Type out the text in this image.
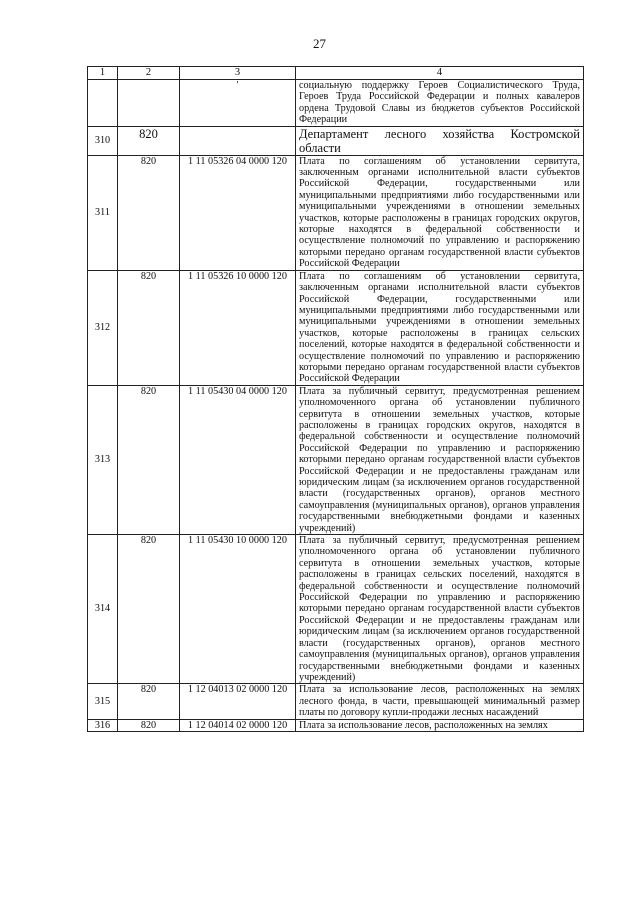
27
1	2	3	4
		'	социальную поддержку Героев Социалистического Труда, Героев Труда Российской Федерации и полных кавалеров ордена Трудовой Славы из бюджетов субъектов Российской Федерации
310	820		Департамент лесного хозяйства Костромской области
311	820	1 11 05326 04 0000 120	Плата по соглашениям об установлении сервитута, заключенным органами исполнительной власти субъектов Российской Федерации, государственными или муниципальными предприятиями либо государственными или муниципальными учреждениями в отношении земельных участков, которые расположены в границах городских округов, которые находятся в федеральной собственности и осуществление полномочий по управлению и распоряжению которыми передано органам государственной власти субъектов Российской Федерации
312	820	1 11 05326 10 0000 120	Плата по соглашениям об установлении сервитута, заключенным органами исполнительной власти субъектов Российской Федерации, государственными или муниципальными предприятиями либо государственными или муниципальными учреждениями в отношении земельных участков, которые расположены в границах сельских поселений, которые находятся в федеральной собственности и осуществление полномочий по управлению и распоряжению которыми передано органам государственной власти субъектов Российской Федерации
313	820	1 11 05430 04 0000 120	Плата за публичный сервитут, предусмотренная решением уполномоченного органа об установлении публичного сервитута в отношении земельных участков, которые расположены в границах городских округов, находятся в федеральной собственности и осуществление полномочий Российской Федерации по управлению и распоряжению которыми передано органам государственной власти субъектов Российской Федерации и не предоставлены гражданам или юридическим лицам (за исключением органов государственной власти (государственных органов), органов местного самоуправления (муниципальных органов), органов управления государственными внебюджетными фондами и казенных учреждений)
314	820	1 11 05430 10 0000 120	Плата за публичный сервитут, предусмотренная решением уполномоченного органа об установлении публичного сервитута в отношении земельных участков, которые расположены в границах сельских поселений, находятся в федеральной собственности и осуществление полномочий Российской Федерации по управлению и распоряжению которыми передано органам государственной власти субъектов Российской Федерации и не предоставлены гражданам или юридическим лицам (за исключением органов государственной власти (государственных органов), органов местного самоуправления (муниципальных органов), органов управления государственными внебюджетными фондами и казенных учреждений)
315	820	1 12 04013 02 0000 120	Плата за использование лесов, расположенных на землях лесного фонда, в части, превышающей минимальный размер платы по договору купли-продажи лесных насаждений
316	820	1 12 04014 02 0000 120	Плата за использование лесов, расположенных на землях
